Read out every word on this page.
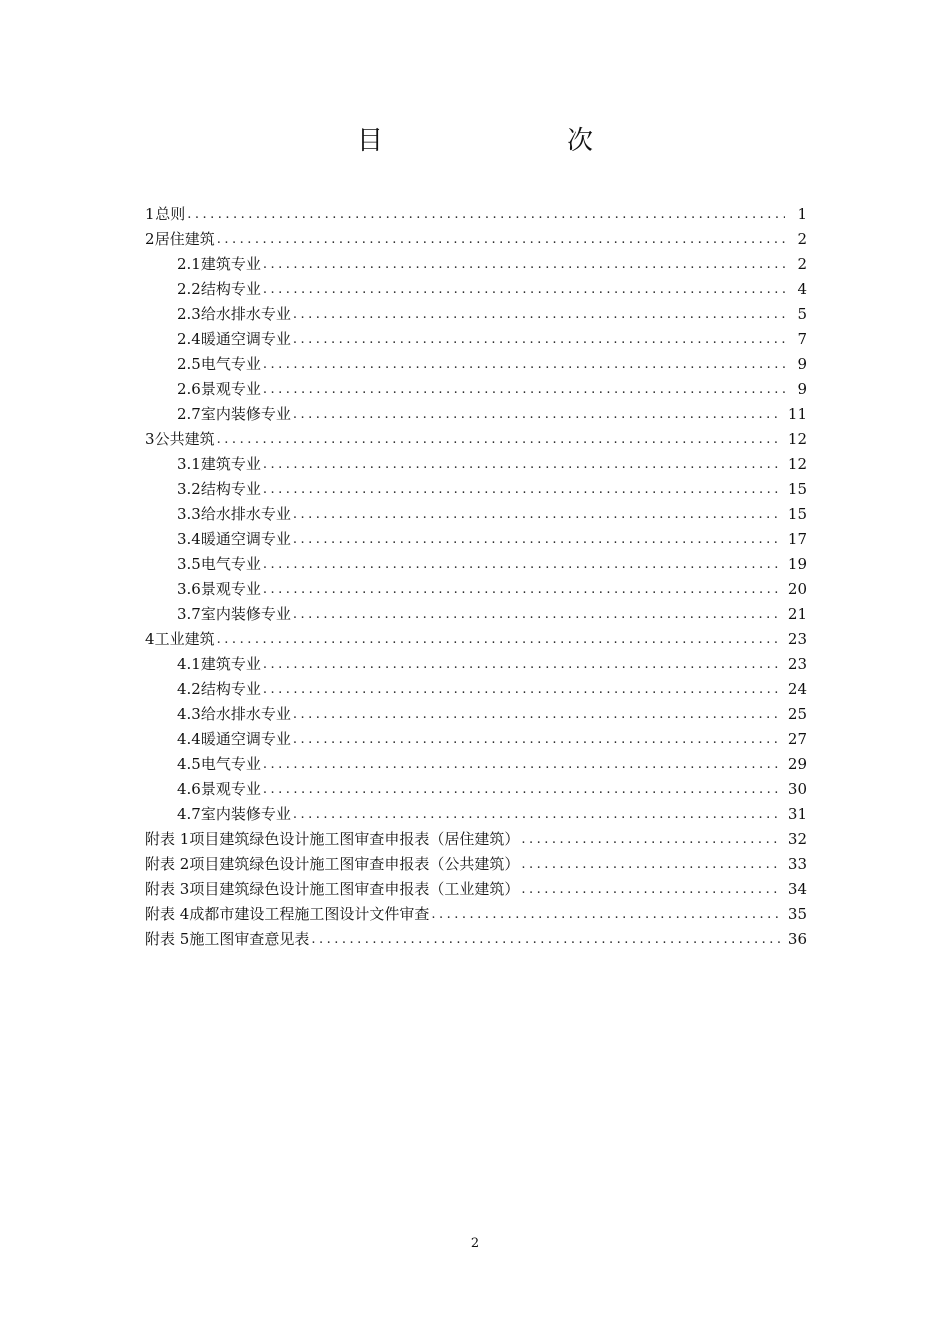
目　　次
1 总则 .....	1
2 居住建筑 .....	2
2.1 建筑专业 .....	2
2.2 结构专业 .....	4
2.3 给水排水专业 .....	5
2.4 暖通空调专业 .....	7
2.5 电气专业 .....	9
2.6 景观专业 .....	9
2.7 室内装修专业 .....	11
3 公共建筑 .....	12
3.1 建筑专业 .....	12
3.2 结构专业 .....	15
3.3 给水排水专业 .....	15
3.4 暖通空调专业 .....	17
3.5 电气专业 .....	19
3.6 景观专业 .....	20
3.7 室内装修专业 .....	21
4 工业建筑 .....	23
4.1 建筑专业 .....	23
4.2 结构专业 .....	24
4.3 给水排水专业 .....	25
4.4 暖通空调专业 .....	27
4.5 电气专业 .....	29
4.6 景观专业 .....	30
4.7 室内装修专业 .....	31
附表 1 项目建筑绿色设计施工图审查申报表（居住建筑） .....	32
附表 2 项目建筑绿色设计施工图审查申报表（公共建筑） .....	33
附表 3 项目建筑绿色设计施工图审查申报表（工业建筑） .....	34
附表 4 成都市建设工程施工图设计文件审查 .....	35
附表 5 施工图审查意见表 .....	36
2
